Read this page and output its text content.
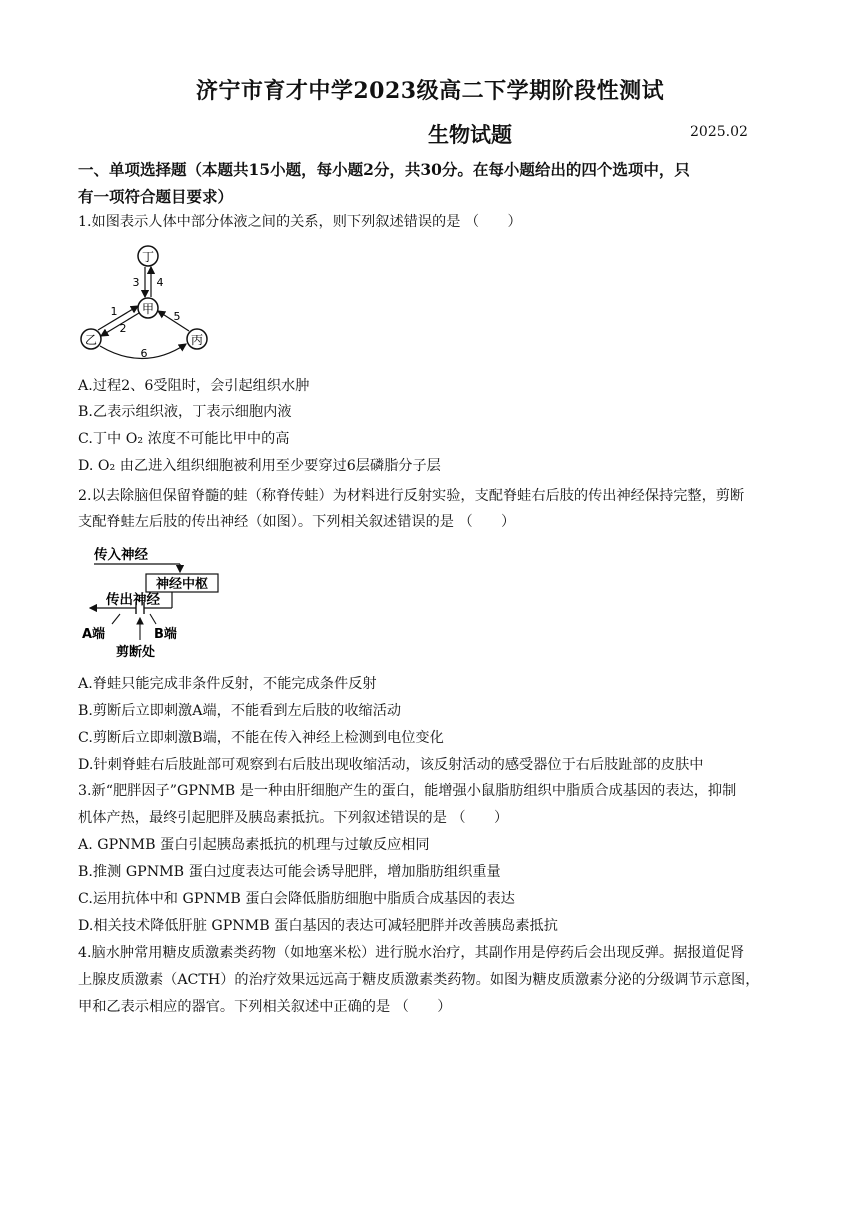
济宁市育才中学2023级高二下学期阶段性测试
生物试题	2025.02
一、单项选择题（本题共15小题，每小题2分，共30分。在每小题给出的四个选项中，只
有一项符合题目要求）
1.如图表示人体中部分体液之间的关系，则下列叙述错误的是 （　　）
丁
甲
乙	丙
3 4
1
2
5
6
A.过程2、6受阻时，会引起组织水肿
B.乙表示组织液，丁表示细胞内液
C.丁中 O₂ 浓度不可能比甲中的高
D. O₂ 由乙进入组织细胞被利用至少要穿过6层磷脂分子层
2.以去除脑但保留脊髓的蛙（称脊传蛙）为材料进行反射实验，支配脊蛙右后肢的传出神经保持完整，剪断
支配脊蛙左后肢的传出神经（如图）。下列相关叙述错误的是 （　　）
传入神经
神经中枢
传出神经
A端	B端
剪断处
A.脊蛙只能完成非条件反射，不能完成条件反射
B.剪断后立即刺激A端，不能看到左后肢的收缩活动
C.剪断后立即刺激B端，不能在传入神经上检测到电位变化
D.针刺脊蛙右后肢趾部可观察到右后肢出现收缩活动，该反射活动的感受器位于右后肢趾部的皮肤中
3.新“肥胖因子”GPNMB 是一种由肝细胞产生的蛋白，能增强小鼠脂肪组织中脂质合成基因的表达，抑制
机体产热，最终引起肥胖及胰岛素抵抗。下列叙述错误的是 （　　）
A. GPNMB 蛋白引起胰岛素抵抗的机理与过敏反应相同
B.推测 GPNMB 蛋白过度表达可能会诱导肥胖，增加脂肪组织重量
C.运用抗体中和 GPNMB 蛋白会降低脂肪细胞中脂质合成基因的表达
D.相关技术降低肝脏 GPNMB 蛋白基因的表达可减轻肥胖并改善胰岛素抵抗
4.脑水肿常用糖皮质激素类药物（如地塞米松）进行脱水治疗，其副作用是停药后会出现反弹。据报道促肾
上腺皮质激素（ACTH）的治疗效果远远高于糖皮质激素类药物。如图为糖皮质激素分泌的分级调节示意图，
甲和乙表示相应的器官。下列相关叙述中正确的是 （　　）
